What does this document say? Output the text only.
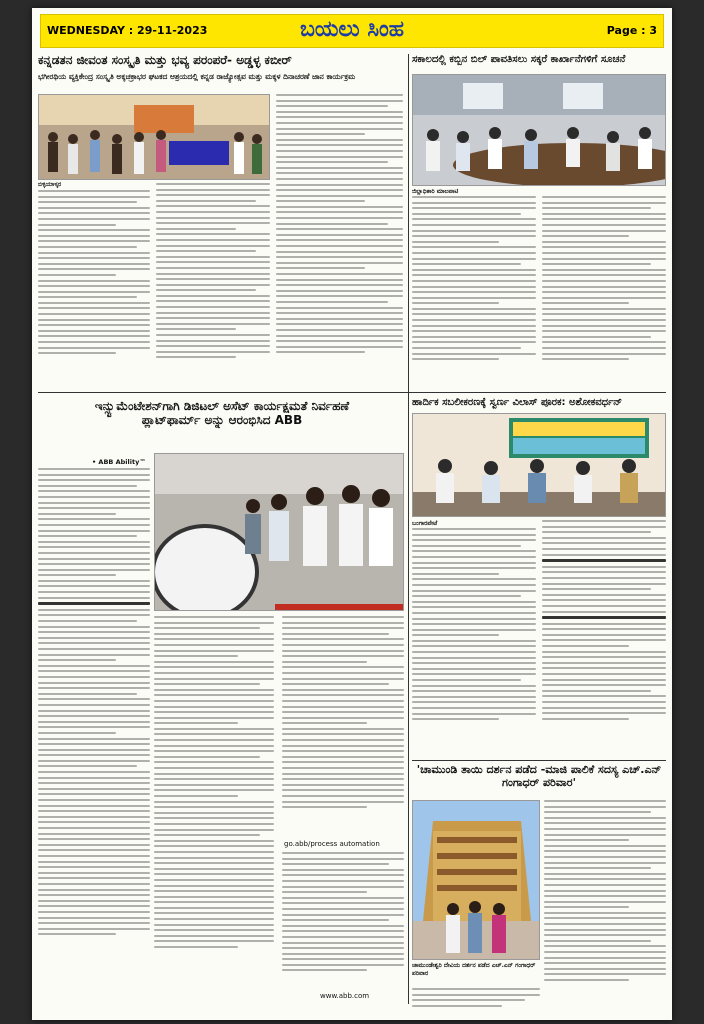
WEDNESDAY : 29-11-2023	ಬಯಲು ಸಿಂಹ	Page : 3
ಕನ್ನಡತನ ಜೀವಂತ ಸಂಸ್ಕೃತಿ ಮತ್ತು ಭವ್ಯ ಪರಂಪರೆ- ಅಡ್ಡಳ್ಳ ಕಬೀರ್
ಭಗೀರಥಿಯ ವ್ಯಕ್ತಿಕೇಂದ್ರ ಸಂಸ್ಕೃತಿ ಅಕ್ಕಚಕ್ರಾಭರ ಘಟಕದ ಆಶ್ರಯದಲ್ಲಿ ಕನ್ನಡ ರಾಜ್ಯೋತ್ಸವ ಮತ್ತು ಮಕ್ಕಳ ದಿನಾಚರಣೆ ಜಾನ ಕಾರ್ಯಕ್ರಮ
ಬಿಳ್ಳಿಯಾಳ್ಕರ
ಸಕಾಲದಲ್ಲಿ ಕಬ್ಬಿನ ಬಿಲ್ ಪಾವತಿಸಲು ಸಕ್ಕರೆ ಕಾರ್ಖಾನೆಗಳಿಗೆ ಸೂಚನೆ
ಜಿಲ್ಲಾಧಿಕಾರಿ ಮಾಲಪಾಟಿ
ಹಾರ್ದಿಕ ಸಬಲೀಕರಣಕ್ಕೆ ಸ್ವರ್ಣ ವಿಲಾಸ್ ಪೂರಕ: ಅಶೋಕವರ್ಧನ್
ಬಂಗಾರಪೇಟೆ
ಇನ್ಸ್ಟುಮೆಂಟೇಶನ್‌ಗಾಗಿ ಡಿಜಿಟಲ್ ಅಸೆಟ್ ಕಾರ್ಯಕ್ಷಮತೆ ನಿರ್ವಹಣೆ ಪ್ಲಾಟ್‌ಫಾರ್ಮ್ ಅನ್ನು ಆರಂಭಿಸಿದ ABB
• ABB Ability™
go.abb/process automation
www.abb.com
'ಚಾಮುಂಡಿ ತಾಯಿ ದರ್ಶನ ಪಡೆದ -ಮಾಜಿ ಪಾಲಿಕೆ ಸದಸ್ಯ ಎಚ್.ಎನ್ ಗಂಗಾಧರ್ ಪರಿವಾರ'
ಚಾಮುಂಡೇಶ್ವರಿ ದೇವಿಯ ದರ್ಶನ ಪಡೆದ ಎಚ್.ಎನ್ ಗಂಗಾಧರ್ ಪರಿವಾರ
